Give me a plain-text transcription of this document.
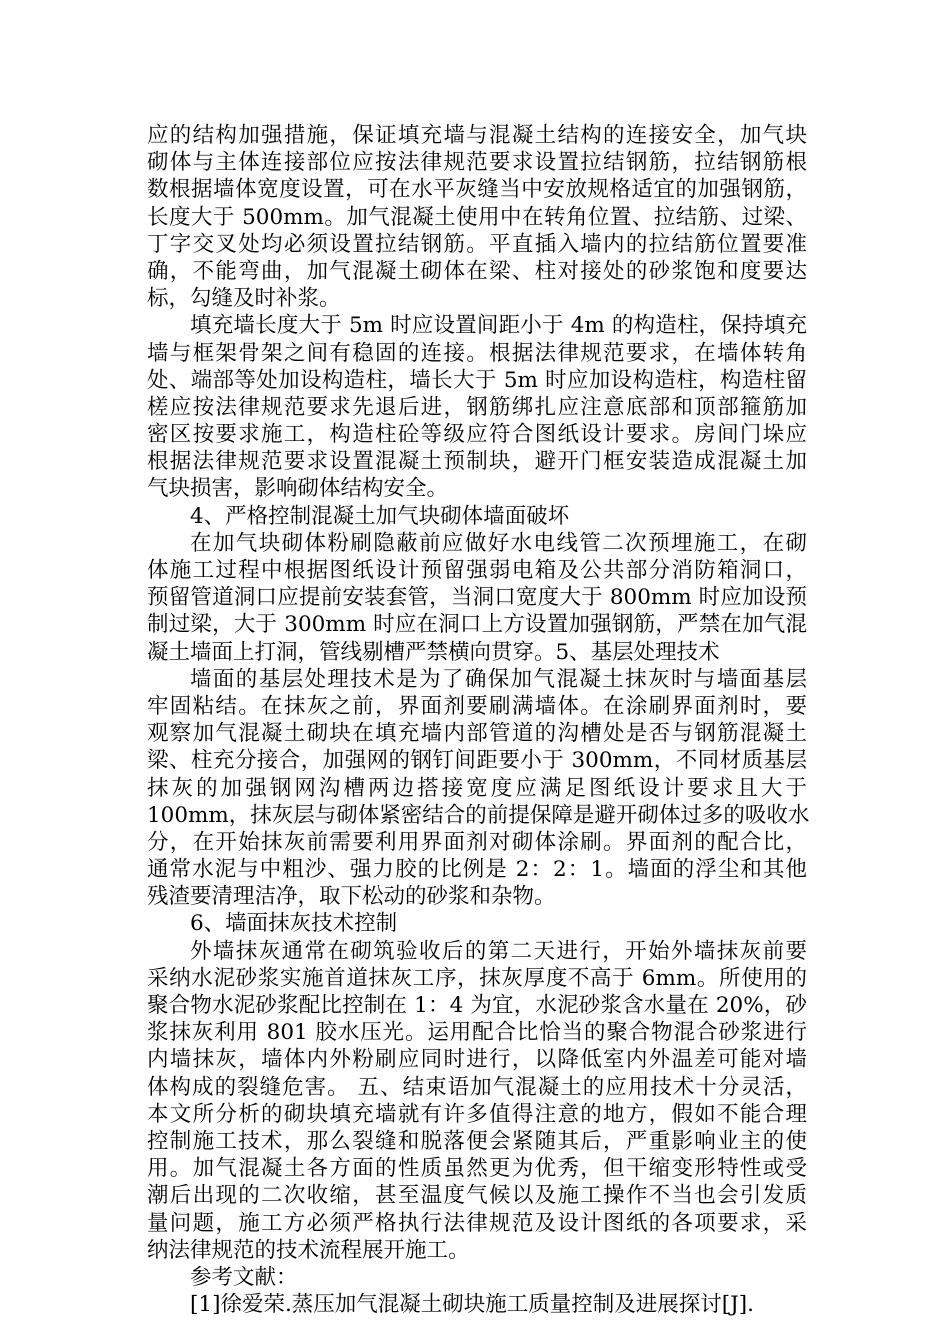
应的结构加强措施，保证填充墙与混凝土结构的连接安全，加气块
砌体与主体连接部位应按法律规范要求设置拉结钢筋，拉结钢筋根
数根据墙体宽度设置，可在水平灰缝当中安放规格适宜的加强钢筋，
长度大于 500mm。加气混凝土使用中在转角位置、拉结筋、过梁、
丁字交叉处均必须设置拉结钢筋。平直插入墙内的拉结筋位置要准
确，不能弯曲，加气混凝土砌体在梁、柱对接处的砂浆饱和度要达
标，勾缝及时补浆。
填充墙长度大于 5m 时应设置间距小于 4m 的构造柱，保持填充
墙与框架骨架之间有稳固的连接。根据法律规范要求，在墙体转角
处、端部等处加设构造柱，墙长大于 5m 时应加设构造柱，构造柱留
槎应按法律规范要求先退后进，钢筋绑扎应注意底部和顶部箍筋加
密区按要求施工，构造柱砼等级应符合图纸设计要求。房间门垛应
根据法律规范要求设置混凝土预制块，避开门框安装造成混凝土加
气块损害，影响砌体结构安全。
4、严格控制混凝土加气块砌体墙面破坏
在加气块砌体粉刷隐蔽前应做好水电线管二次预埋施工，在砌
体施工过程中根据图纸设计预留强弱电箱及公共部分消防箱洞口，
预留管道洞口应提前安装套管，当洞口宽度大于 800mm 时应加设预
制过梁，大于 300mm 时应在洞口上方设置加强钢筋，严禁在加气混
凝土墙面上打洞，管线剔槽严禁横向贯穿。5、基层处理技术
墙面的基层处理技术是为了确保加气混凝土抹灰时与墙面基层
牢固粘结。在抹灰之前，界面剂要刷满墙体。在涂刷界面剂时，要
观察加气混凝土砌块在填充墙内部管道的沟槽处是否与钢筋混凝土
梁、柱充分接合，加强网的钢钉间距要小于 300mm，不同材质基层
抹灰的加强钢网沟槽两边搭接宽度应满足图纸设计要求且大于
100mm，抹灰层与砌体紧密结合的前提保障是避开砌体过多的吸收水
分，在开始抹灰前需要利用界面剂对砌体涂刷。界面剂的配合比，
通常水泥与中粗沙、强力胶的比例是 2：2：1。墙面的浮尘和其他
残渣要清理洁净，取下松动的砂浆和杂物。
6、墙面抹灰技术控制
外墙抹灰通常在砌筑验收后的第二天进行，开始外墙抹灰前要
采纳水泥砂浆实施首道抹灰工序，抹灰厚度不高于 6mm。所使用的
聚合物水泥砂浆配比控制在 1：4 为宜，水泥砂浆含水量在 20%，砂
浆抹灰利用 801 胶水压光。运用配合比恰当的聚合物混合砂浆进行
内墙抹灰，墙体内外粉刷应同时进行，以降低室内外温差可能对墙
体构成的裂缝危害。 五、结束语加气混凝土的应用技术十分灵活，
本文所分析的砌块填充墙就有许多值得注意的地方，假如不能合理
控制施工技术，那么裂缝和脱落便会紧随其后，严重影响业主的使
用。加气混凝土各方面的性质虽然更为优秀，但干缩变形特性或受
潮后出现的二次收缩，甚至温度气候以及施工操作不当也会引发质
量问题，施工方必须严格执行法律规范及设计图纸的各项要求，采
纳法律规范的技术流程展开施工。
参考文献：
[1]徐爱荣.蒸压加气混凝土砌块施工质量控制及进展探讨[J].
